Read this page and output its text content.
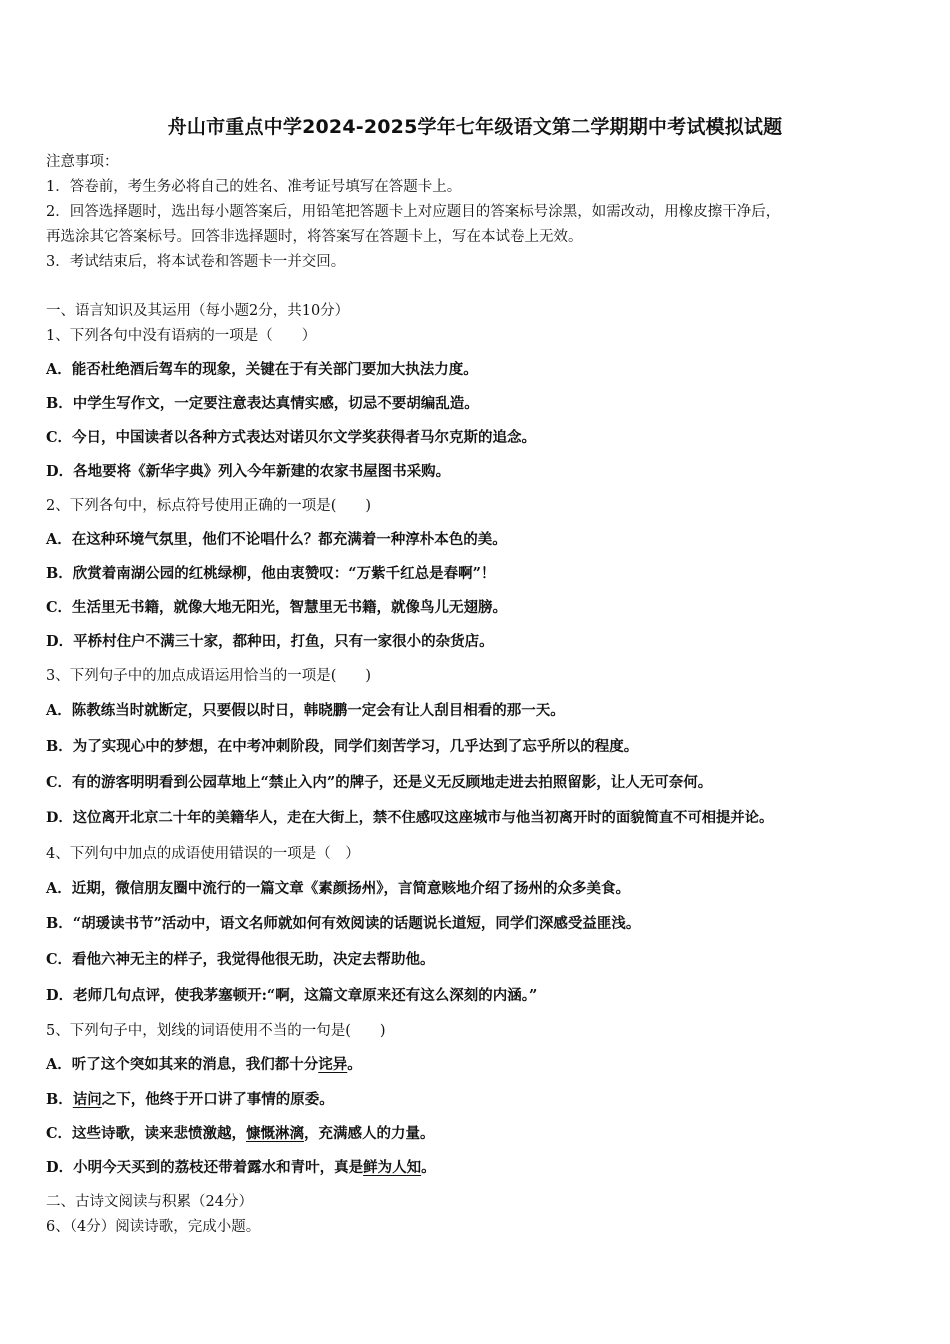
舟山市重点中学2024-2025学年七年级语文第二学期期中考试模拟试题
注意事项：
1．答卷前，考生务必将自己的姓名、准考证号填写在答题卡上。
2．回答选择题时，选出每小题答案后，用铅笔把答题卡上对应题目的答案标号涂黑，如需改动，用橡皮擦干净后，
再选涂其它答案标号。回答非选择题时，将答案写在答题卡上，写在本试卷上无效。
3．考试结束后，将本试卷和答题卡一并交回。
一、语言知识及其运用（每小题2分，共10分）
1、下列各句中没有语病的一项是（　　）
A．能否杜绝酒后驾车的现象，关键在于有关部门要加大执法力度。
B．中学生写作文，一定要注意表达真情实感，切忌不要胡编乱造。
C．今日，中国读者以各种方式表达对诺贝尔文学奖获得者马尔克斯的追念。
D．各地要将《新华字典》列入今年新建的农家书屋图书采购。
2、下列各句中，标点符号使用正确的一项是(　　)
A．在这种环境气氛里，他们不论唱什么？都充满着一种淳朴本色的美。
B．欣赏着南湖公园的红桃绿柳，他由衷赞叹：“万紫千红总是春啊”！
C．生活里无书籍，就像大地无阳光，智慧里无书籍，就像鸟儿无翅膀。
D．平桥村住户不满三十家，都种田，打鱼，只有一家很小的杂货店。
3、下列句子中的加点成语运用恰当的一项是(　　)
A．陈教练当时就断定，只要假以时日，韩晓鹏一定会有让人刮目相看的那一天。
B．为了实现心中的梦想，在中考冲刺阶段，同学们刻苦学习，几乎达到了忘乎所以的程度。
C．有的游客明明看到公园草地上“禁止入内”的牌子，还是义无反顾地走进去拍照留影，让人无可奈何。
D．这位离开北京二十年的美籍华人，走在大街上，禁不住感叹这座城市与他当初离开时的面貌简直不可相提并论。
4、下列句中加点的成语使用错误的一项是（　）
A．近期，微信朋友圈中流行的一篇文章《素颜扬州》，言简意赅地介绍了扬州的众多美食。
B．“胡瑗读书节”活动中，语文名师就如何有效阅读的话题说长道短，同学们深感受益匪浅。
C．看他六神无主的样子，我觉得他很无助，决定去帮助他。
D．老师几句点评，使我茅塞顿开:“啊，这篇文章原来还有这么深刻的内涵。”
5、下列句子中，划线的词语使用不当的一句是(　　)
A．听了这个突如其来的消息，我们都十分诧异。
B．诘问之下，他终于开口讲了事情的原委。
C．这些诗歌，读来悲愤激越，慷慨淋漓，充满感人的力量。
D．小明今天买到的荔枝还带着露水和青叶，真是鲜为人知。
二、古诗文阅读与积累（24分）
6、（4分）阅读诗歌，完成小题。
